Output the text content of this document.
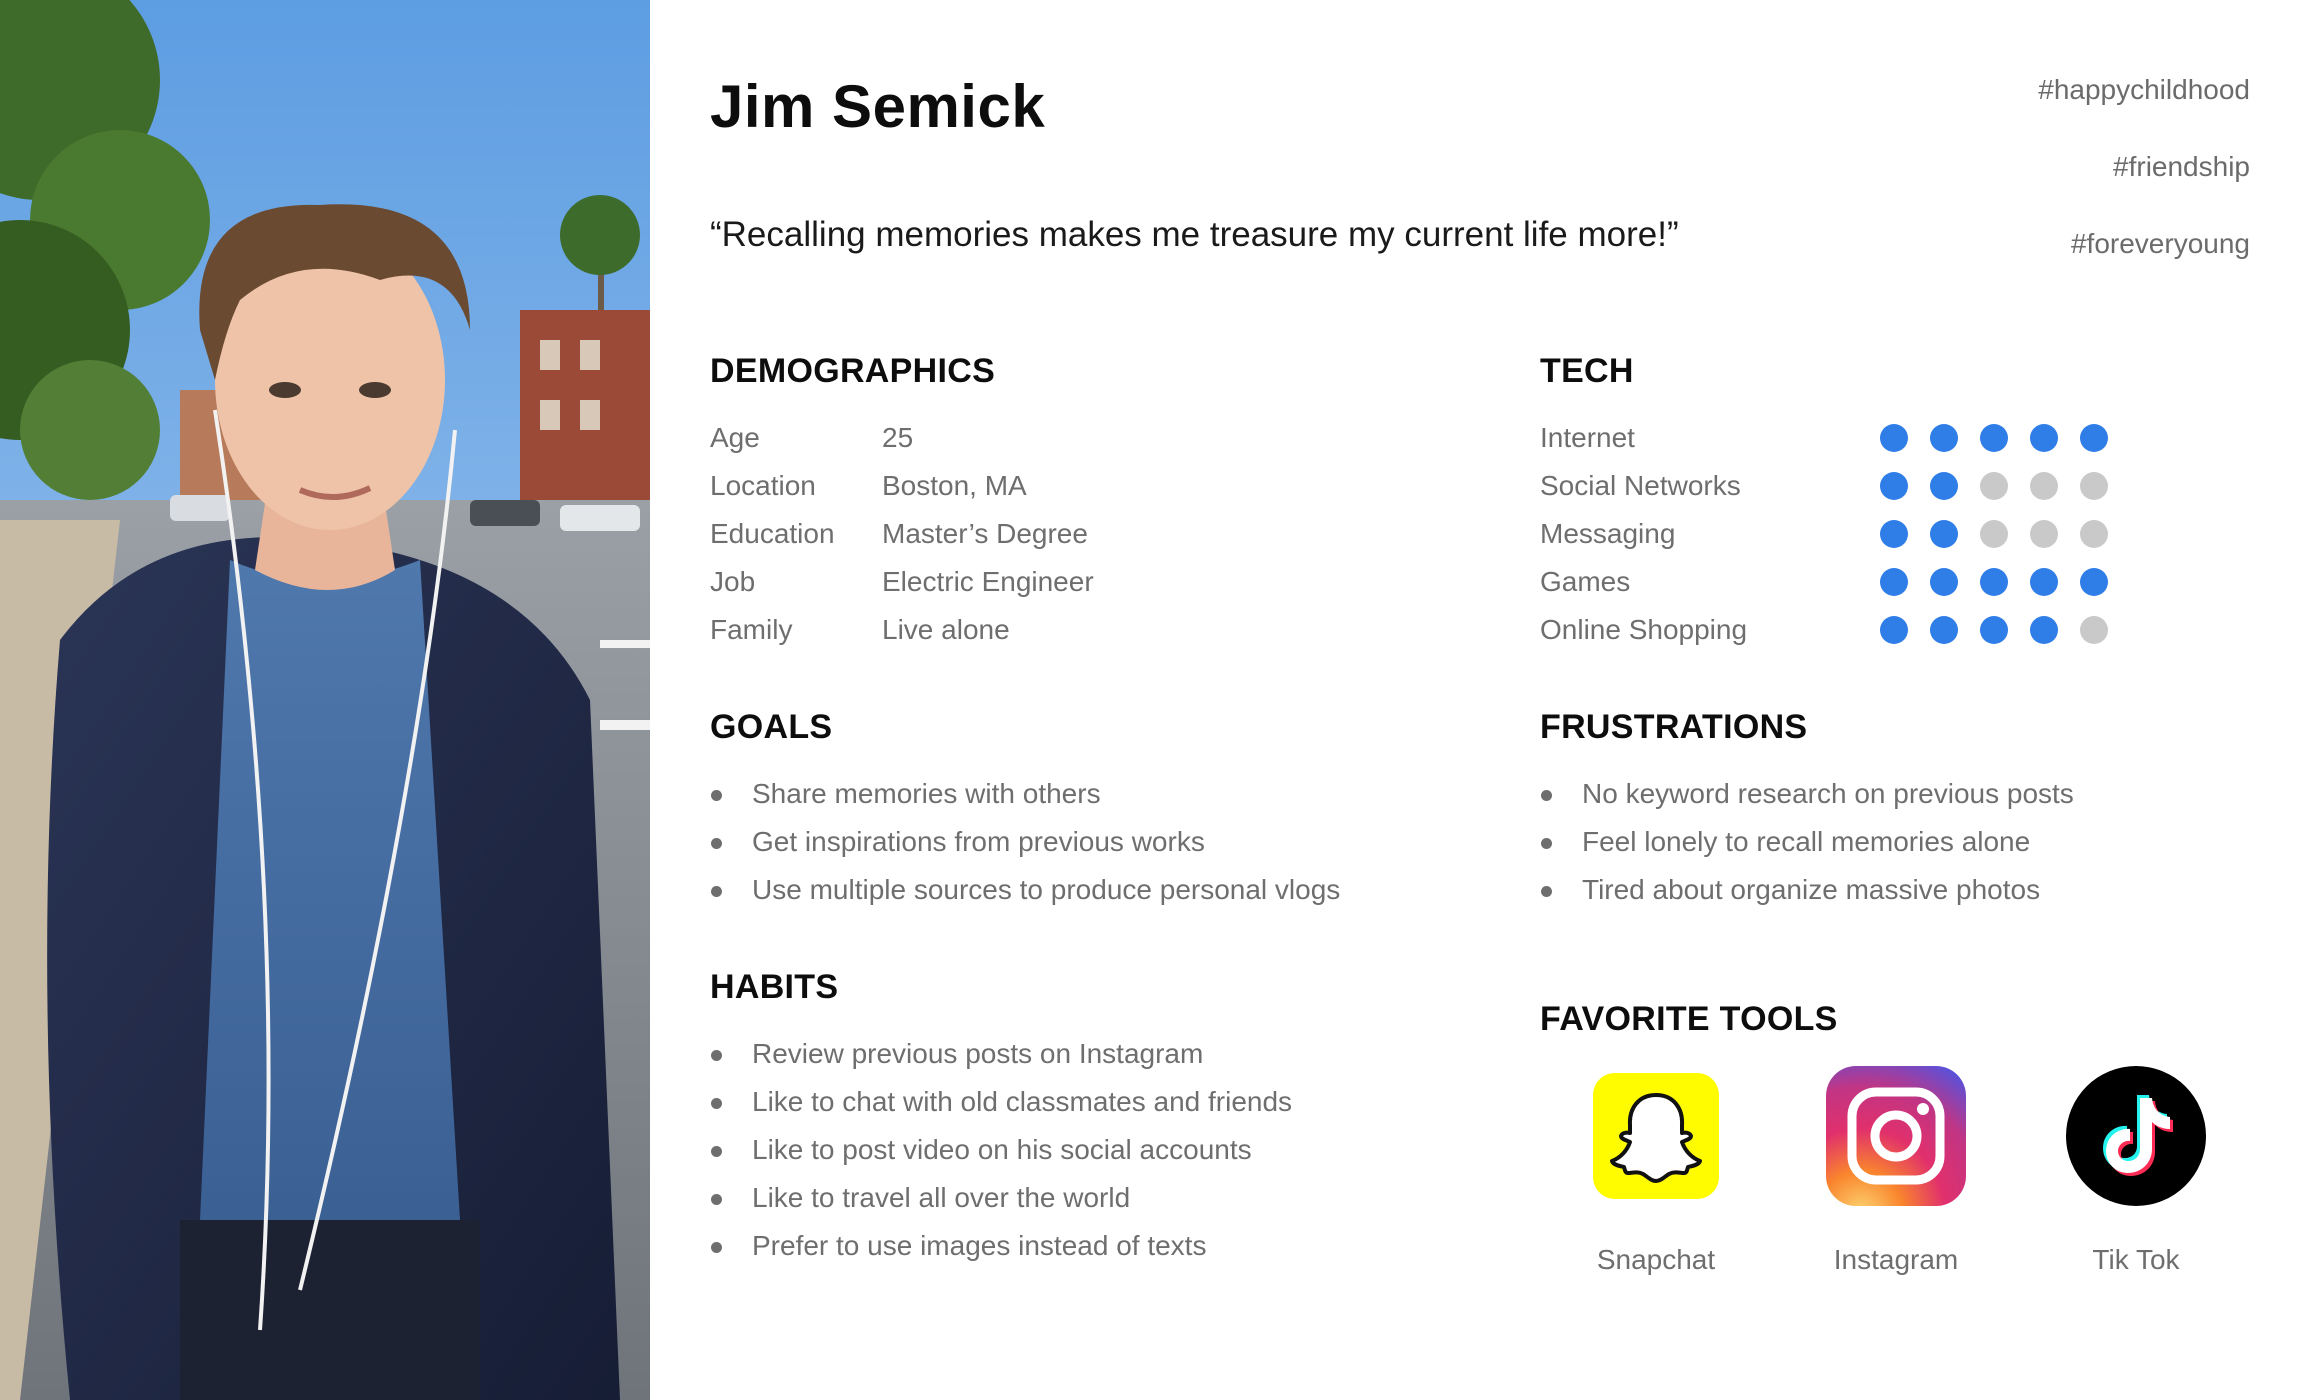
Jim Semick
“Recalling memories makes me treasure my current life more!”
#happychildhood
#friendship
#foreveryoung
DEMOGRAPHICS
Age	25
Location Boston, MA
Education Master’s Degree
Job	Electric Engineer
Family	Live alone
TECH
Internet
Social Networks
Messaging
Games
Online Shopping
GOALS
Share memories with others
Get inspirations from previous works
Use multiple sources to produce personal vlogs
FRUSTRATIONS
No keyword research on previous posts
Feel lonely to recall memories alone
Tired about organize massive photos
HABITS
Review previous posts on Instagram
Like to chat with old classmates and friends
Like to post video on his social accounts
Like to travel all over the world
Prefer to use images instead of texts
FAVORITE TOOLS
Snapchat	Instagram	Tik Tok
